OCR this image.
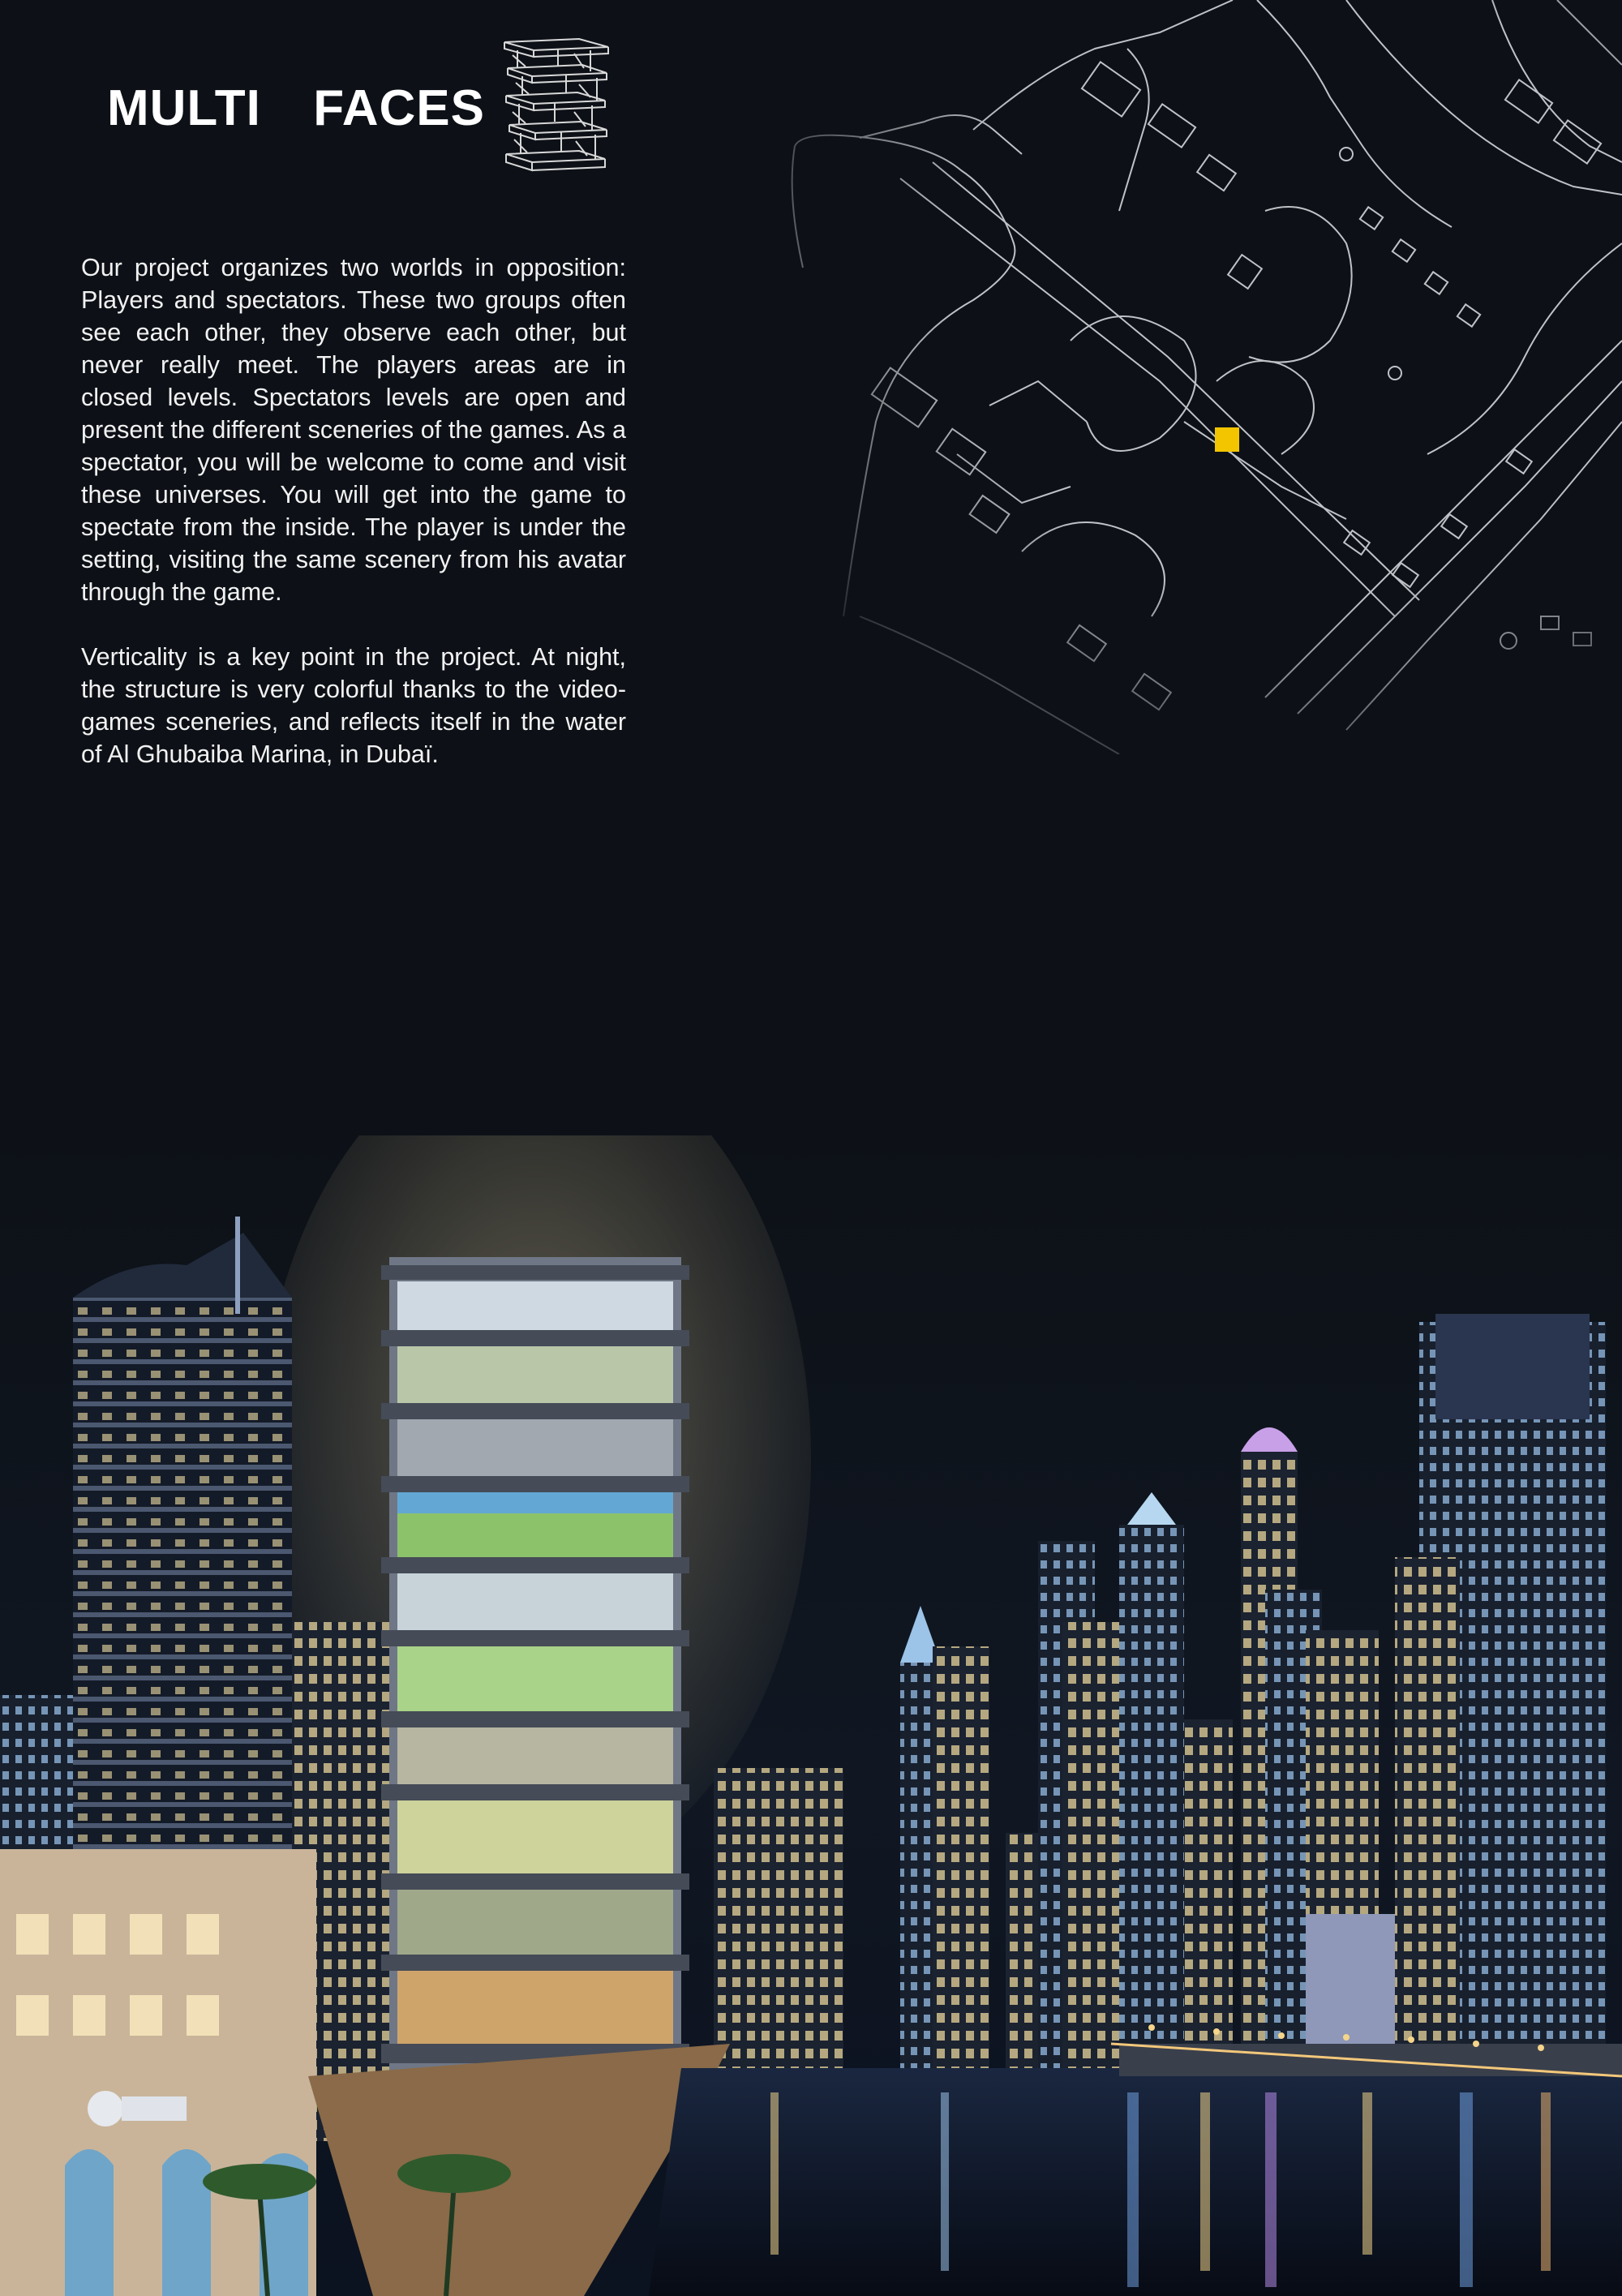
MULTI  FACES

Our project organizes two worlds in opposition: Players and spectators. These two groups often see each other, they observe each other, but never really meet. The players areas are in closed levels. Spectators levels are open and present the different sceneries of the games. As a spectator, you will be welcome to come and visit these universes. You will get into the game to spectate from the inside. The player is under the setting, visiting the same scenery from his avatar through the game.

Verticality is a key point in the project. At night, the structure is very colorful thanks to the videogames sceneries, and reflects itself in the water of Al Ghubaiba Marina, in Dubaï.
